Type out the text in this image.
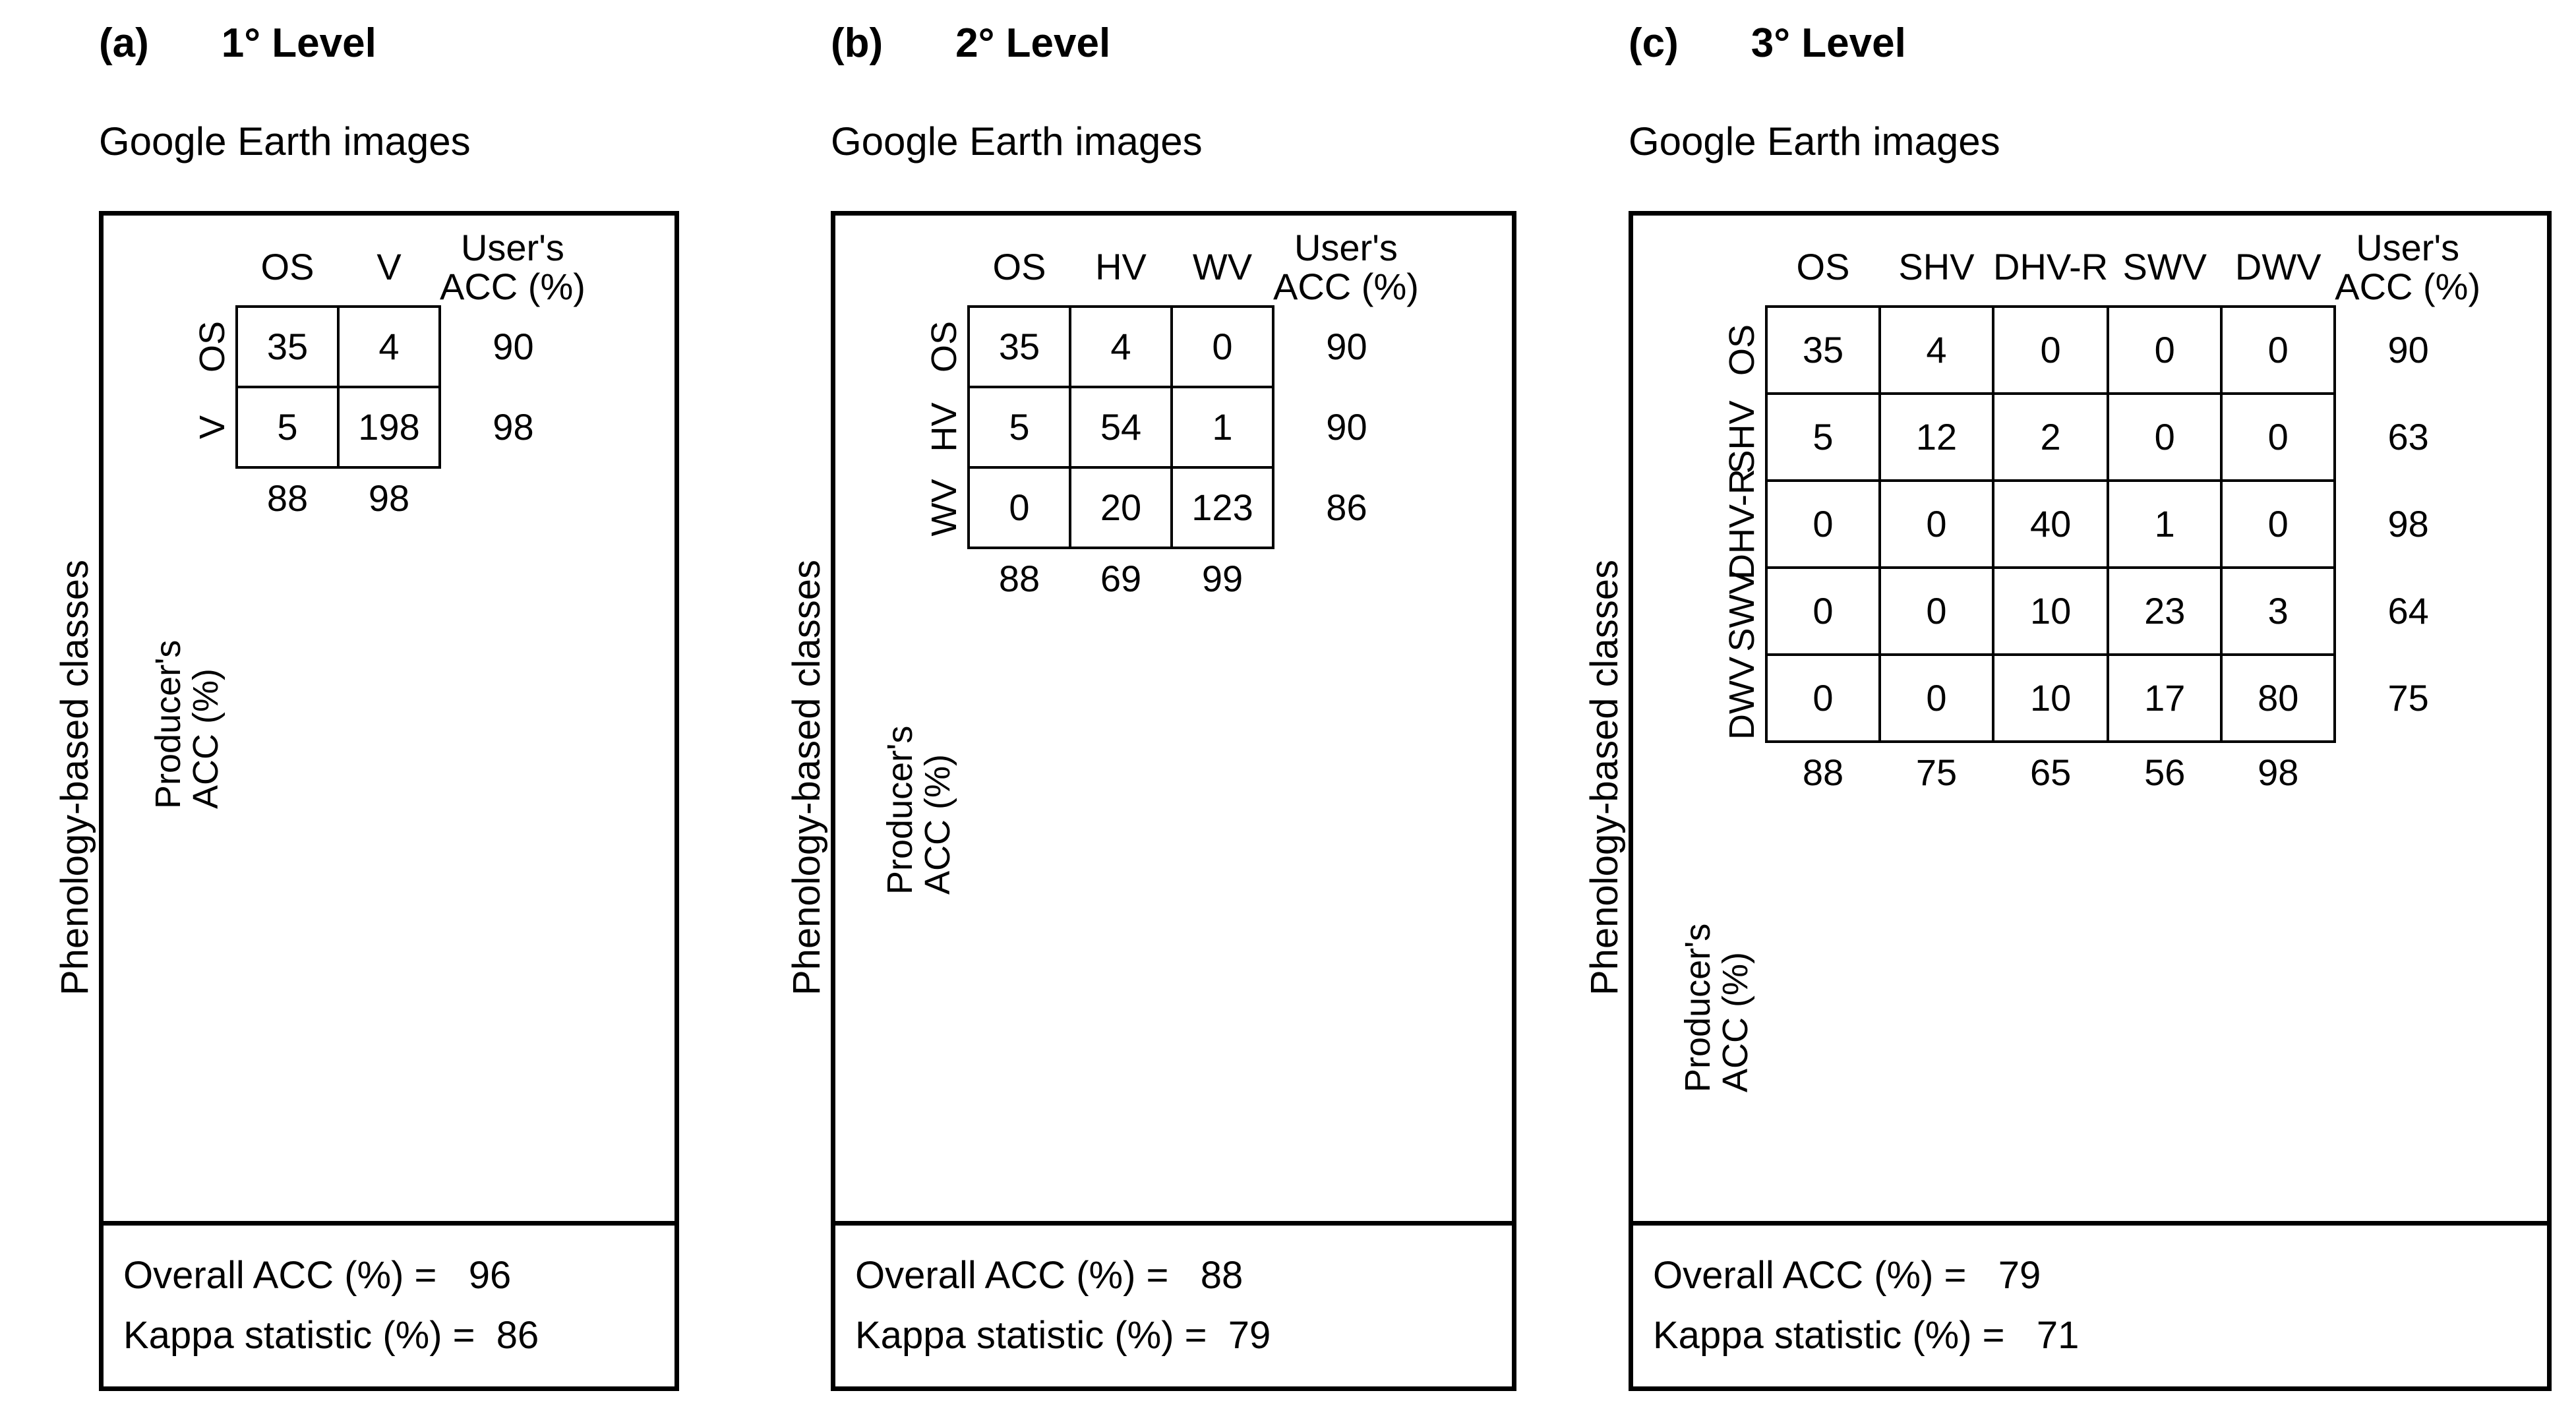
(a) 1° Level
Google Earth images
Phenology-based classes Producer's
ACC (%)
	OS	V	User's
ACC (%)

OS	35	4	90

V	5	198	98
	88	98	
Overall ACC (%) = 96
Kappa statistic (%) = 86
(b) 2° Level
Google Earth images
Phenology-based classes Producer's
ACC (%)
	OS	HV	WV	User's
ACC (%)

OS	35	4	0	90

HV	5	54	1	90

WV	0	20	123	86
	88	69	99	
Overall ACC (%) = 88
Kappa statistic (%) = 79
(c) 3° Level
Google Earth images
Phenology-based classes
Producer's
ACC (%)
	OS	SHV	DHV-R	SWV	DWV	User's
ACC (%)

OS	35	4	0	0	0	90

SHV	5	12	2	0	0	63

DHV-R	0	0	40	1	0	98

SWV	0	0	10	23	3	64

DWV	0	0	10	17	80	75
	88	75	65	56	98	
Overall ACC (%) = 79
Kappa statistic (%) = 71
